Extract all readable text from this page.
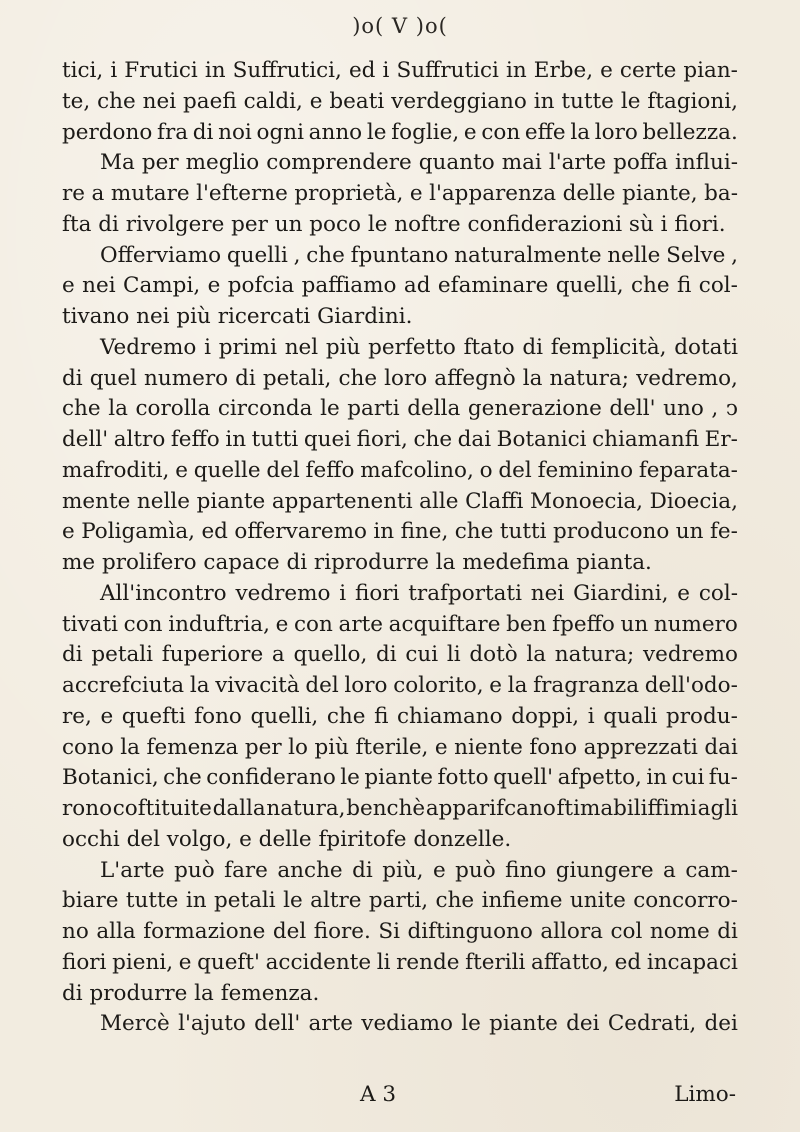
)o( V )o(
tici, i Frutici in Suffrutici, ed i Suffrutici in Erbe, e certe pian-
te, che nei paefi caldi, e beati verdeggiano in tutte le ftagioni,
perdono fra di noi ogni anno le foglie, e con effe la loro bellezza.
Ma per meglio comprendere quanto mai l'arte poffa influi-
re a mutare l'efterne proprietà, e l'apparenza delle piante, ba-
fta di rivolgere per un poco le noftre confiderazioni sù i fiori.
Offerviamo quelli , che fpuntano naturalmente nelle Selve ,
e nei Campi, e pofcia paffiamo ad efaminare quelli, che fi col-
tivano nei più ricercati Giardini.
Vedremo i primi nel più perfetto ftato di femplicità, dotati
di quel numero di petali, che loro affegnò la natura; vedremo,
che la corolla circonda le parti della generazione dell' uno , ↄ
dell' altro feffo in tutti quei fiori, che dai Botanici chiamanfi Er-
mafroditi, e quelle del feffo mafcolino, o del feminino feparata-
mente nelle piante appartenenti alle Claffi Monoecia, Dioecia,
e Poligamìa, ed offervaremo in fine, che tutti producono un fe-
me prolifero capace di riprodurre la medefima pianta.
All'incontro vedremo i fiori trafportati nei Giardini, e col-
tivati con induftria, e con arte acquiftare ben fpeffo un numero
di petali fuperiore a quello, di cui li dotò la natura; vedremo
accrefciuta la vivacità del loro colorito, e la fragranza dell'odo-
re, e quefti fono quelli, che fi chiamano doppi, i quali produ-
cono la femenza per lo più fterile, e niente fono apprezzati dai
Botanici, che confiderano le piante fotto quell' afpetto, in cui fu-
rono coftituite dalla natura, benchè apparifcano ftimabiliffimi agli
occhi del volgo, e delle fpiritofe donzelle.
L'arte può fare anche di più, e può fino giungere a cam-
biare tutte in petali le altre parti, che infieme unite concorro-
no alla formazione del fiore. Si diftinguono allora col nome di
fiori pieni, e queft' accidente li rende fterili affatto, ed incapaci
di produrre la femenza.
Mercè l'ajuto dell' arte vediamo le piante dei Cedrati, dei
A 3	Limo-
